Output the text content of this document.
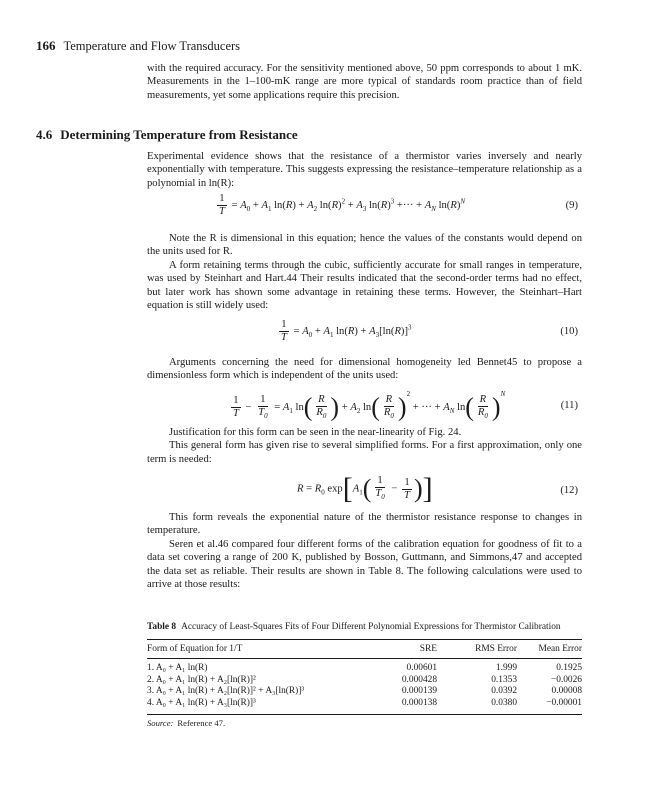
166 Temperature and Flow Transducers

with the required accuracy. For the sensitivity mentioned above, 50 ppm corresponds to about 1 mK. Measurements in the 1–100-mK range are more typical of standards room practice than of field measurements, yet some applications require this precision.

4.6 Determining Temperature from Resistance

Experimental evidence shows that the resistance of a thermistor varies inversely and nearly exponentially with temperature. This suggests expressing the resistance–temperature relationship as a polynomial in ln(R):

$\frac{1}{T} = A_0 + A_1$ $\ln(R) + A_2$ $\ln(R)^2 + A_3$ $\ln(R)^3$ +··· + $A_N$ $\ln(R)^N$	(9)

Note the R is dimensional in this equation; hence the values of the constants would depend on the units used for R.

A form retaining terms through the cubic, sufficiently accurate for small ranges in temperature, was used by Steinhart and Hart.44 Their results indicated that the second-order terms had no effect, but later work has shown some advantage in retaining these terms. However, the Steinhart–Hart equation is still widely used:

$\frac{1}{T} = A_0 + A_1$ $\ln(R) + A_3[\ln(R)]^3$	(10)

Arguments concerning the need for dimensional homogeneity led Bennet45 to propose a dimensionless form which is independent of the units used:

$\frac{1}{T} - \frac{1}{T_0} = A_1$ $\ln( \frac{R}{R_0}$ ) + $A_2$ $\ln( \frac{R}{R_0} )^2$ + ··· + $A_N$ $\ln( \frac{R}{R_0} )^N$
(11)

Justification for this form can be seen in the near-linearity of Fig. 24.

This general form has given rise to several simplified forms. For a first approximation, only one term is needed:

$R = R_0$ $\exp[A_1( \frac{1}{T_0} - \frac{1}{T}$ )]	(12)

This form reveals the exponential nature of the thermistor resistance response to changes in temperature.

Seren et al.46 compared four different forms of the calibration equation for goodness of fit to a data set covering a range of 200 K, published by Bosson, Guttmann, and Simmons,47 and accepted the data set as reliable. Their results are shown in Table 8. The following calculations were used to arrive at those results:

Table 8 Accuracy of Least-Squares Fits of Four Different Polynomial Expressions for Thermistor Calibration
Form of Equation for 1/T	SRE	RMS Error	Mean Error
1. A₀ + A₁ ln(R)	0.00601	1.999	0.1925
2. A₀ + A₁ ln(R) + A₂[ln(R)]²	0.000428	0.1353	−0.0026
3. A₀ + A₁ ln(R) + A₂[ln(R)]² + A₃[ln(R)]³	0.000139	0.0392	0.00008
4. A₀ + A₁ ln(R) + A₃[ln(R)]³	0.000138	0.0380	−0.00001
Source: Reference 47.
